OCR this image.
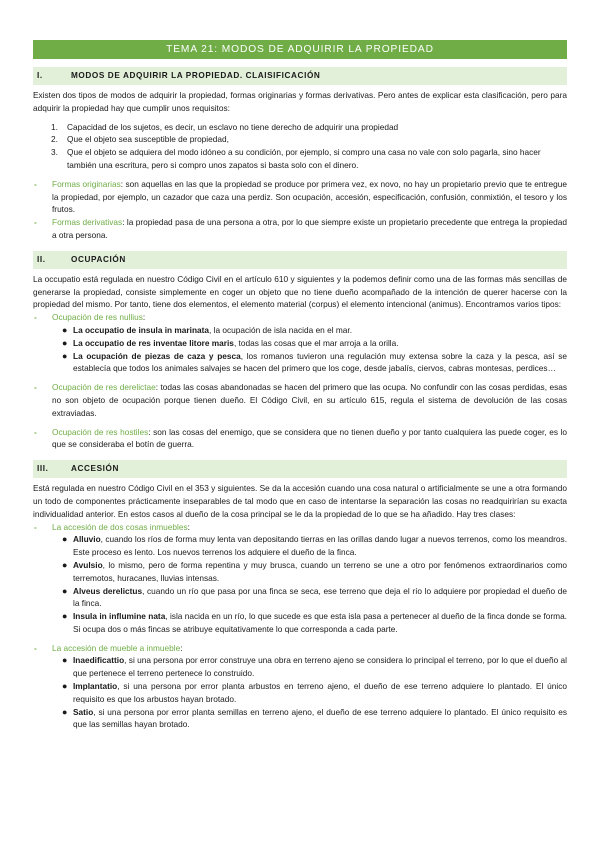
TEMA 21: MODOS DE ADQUIRIR LA PROPIEDAD
I.	MODOS DE ADQUIRIR LA PROPIEDAD. CLAISIFICACIÓN

Existen dos tipos de modos de adquirir la propiedad, formas originarias y formas derivativas. Pero antes de explicar esta clasificación, pero para adquirir la propiedad hay que cumplir unos requisitos:

1. Capacidad de los sujetos, es decir, un esclavo no tiene derecho de adquirir una propiedad
2. Que el objeto sea susceptible de propiedad,
3. Que el objeto se adquiera del modo idóneo a su condición, por ejemplo, si compro una casa no vale con solo pagarla, sino hacer también una escritura, pero si compro unos zapatos si basta solo con el dinero.
- Formas originarias: son aquellas en las que la propiedad se produce por primera vez, ex novo, no hay un propietario previo que te entregue la propiedad, por ejemplo, un cazador que caza una perdiz. Son ocupación, accesión, especificación, confusión, conmixtión, el tesoro y los frutos.
- Formas derivativas: la propiedad pasa de una persona a otra, por lo que siempre existe un propietario precedente que entrega la propiedad a otra persona.
II.	OCUPACIÓN

La occupatio está regulada en nuestro Código Civil en el artículo 610 y siguientes y la podemos definir como una de las formas más sencillas de generarse la propiedad, consiste simplemente en coger un objeto que no tiene dueño acompañado de la intención de querer hacerse con la propiedad del mismo. Por tanto, tiene dos elementos, el elemento material (corpus) el elemento intencional (animus). Encontramos varios tipos:

- Ocupación de res nullius:
● La occupatio de insula in marinata, la ocupación de isla nacida en el mar.
● La occupatio de res inventae litore maris, todas las cosas que el mar arroja a la orilla.
● La ocupación de piezas de caza y pesca, los romanos tuvieron una regulación muy extensa sobre la caza y la pesca, así se establecía que todos los animales salvajes se hacen del primero que los coge, desde jabalís, ciervos, cabras montesas, perdices…
- Ocupación de res derelictae: todas las cosas abandonadas se hacen del primero que las ocupa. No confundir con las cosas perdidas, esas no son objeto de ocupación porque tienen dueño. El Código Civil, en su artículo 615, regula el sistema de devolución de las cosas extraviadas.
- Ocupación de res hostiles: son las cosas del enemigo, que se considera que no tienen dueño y por tanto cualquiera las puede coger, es lo que se consideraba el botín de guerra.
III.	ACCESIÓN

Está regulada en nuestro Código Civil en el 353 y siguientes. Se da la accesión cuando una cosa natural o artificialmente se une a otra formando un todo de componentes prácticamente inseparables de tal modo que en caso de intentarse la separación las cosas no readquirirían su exacta individualidad anterior. En estos casos al dueño de la cosa principal se le da la propiedad de lo que se ha añadido. Hay tres clases:

- La accesión de dos cosas inmuebles:
● Alluvio, cuando los ríos de forma muy lenta van depositando tierras en las orillas dando lugar a nuevos terrenos, como los meandros. Este proceso es lento. Los nuevos terrenos los adquiere el dueño de la finca.
● Avulsio, lo mismo, pero de forma repentina y muy brusca, cuando un terreno se une a otro por fenómenos extraordinarios como terremotos, huracanes, lluvias intensas.
● Alveus derelictus, cuando un río que pasa por una finca se seca, ese terreno que deja el río lo adquiere por propiedad el dueño de la finca.
● Insula in influmine nata, isla nacida en un río, lo que sucede es que esta isla pasa a pertenecer al dueño de la finca donde se forma. Si ocupa dos o más fincas se atribuye equitativamente lo que corresponda a cada parte.
- La accesión de mueble a inmueble:
● Inaedificattio, si una persona por error construye una obra en terreno ajeno se considera lo principal el terreno, por lo que el dueño al que pertenece el terreno pertenece lo construido.
● Implantatio, si una persona por error planta arbustos en terreno ajeno, el dueño de ese terreno adquiere lo plantado. El único requisito es que los arbustos hayan brotado.
● Satio, si una persona por error planta semillas en terreno ajeno, el dueño de ese terreno adquiere lo plantado. El único requisito es que las semillas hayan brotado.
